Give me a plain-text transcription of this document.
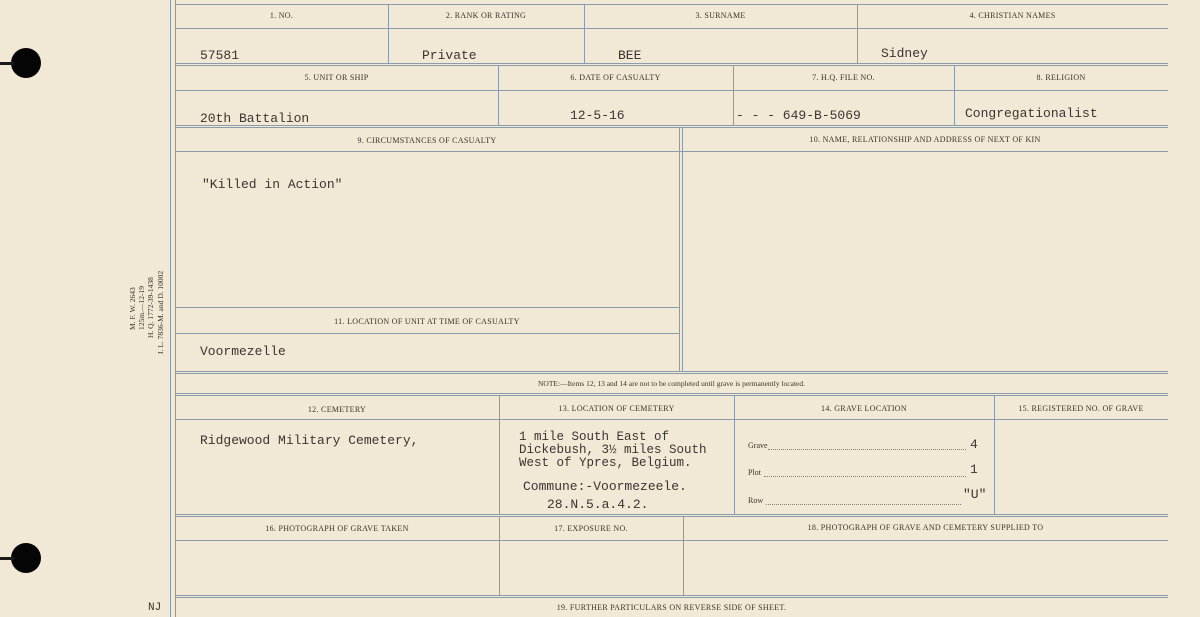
M. F. W. 2643 125m.—12-19 H. Q. 1772-39-1438 I. L. 7836-M. and D. 10002
NJ
1. NO.	2. RANK OR RATING	3. SURNAME	4. CHRISTIAN NAMES
57581	Private	BEE	Sidney
5. UNIT OR SHIP	6. DATE OF CASUALTY	7. H.Q. FILE NO.	8. RELIGION
20th Battalion	12-5-16	- - - 649-B-5069	Congregationalist
9. CIRCUMSTANCES OF CASUALTY	10. NAME, RELATIONSHIP AND ADDRESS OF NEXT OF KIN
"Killed in Action"
11. LOCATION OF UNIT AT TIME OF CASUALTY
Voormezelle
NOTE:—Items 12, 13 and 14 are not to be completed until grave is permanently located.
12. CEMETERY	13. LOCATION OF CEMETERY	14. GRAVE LOCATION	15. REGISTERED NO. OF GRAVE
Ridgewood Military Cemetery,	1 mile South East of
Dickebush, 3½ miles South
West of Ypres, Belgium.
Commune:-Voormezeele.
28.N.5.a.4.2.
Grave	4
Plot	1
Row	"U"
16. PHOTOGRAPH OF GRAVE TAKEN	17. EXPOSURE NO.	18. PHOTOGRAPH OF GRAVE AND CEMETERY SUPPLIED TO
19. FURTHER PARTICULARS ON REVERSE SIDE OF SHEET.
